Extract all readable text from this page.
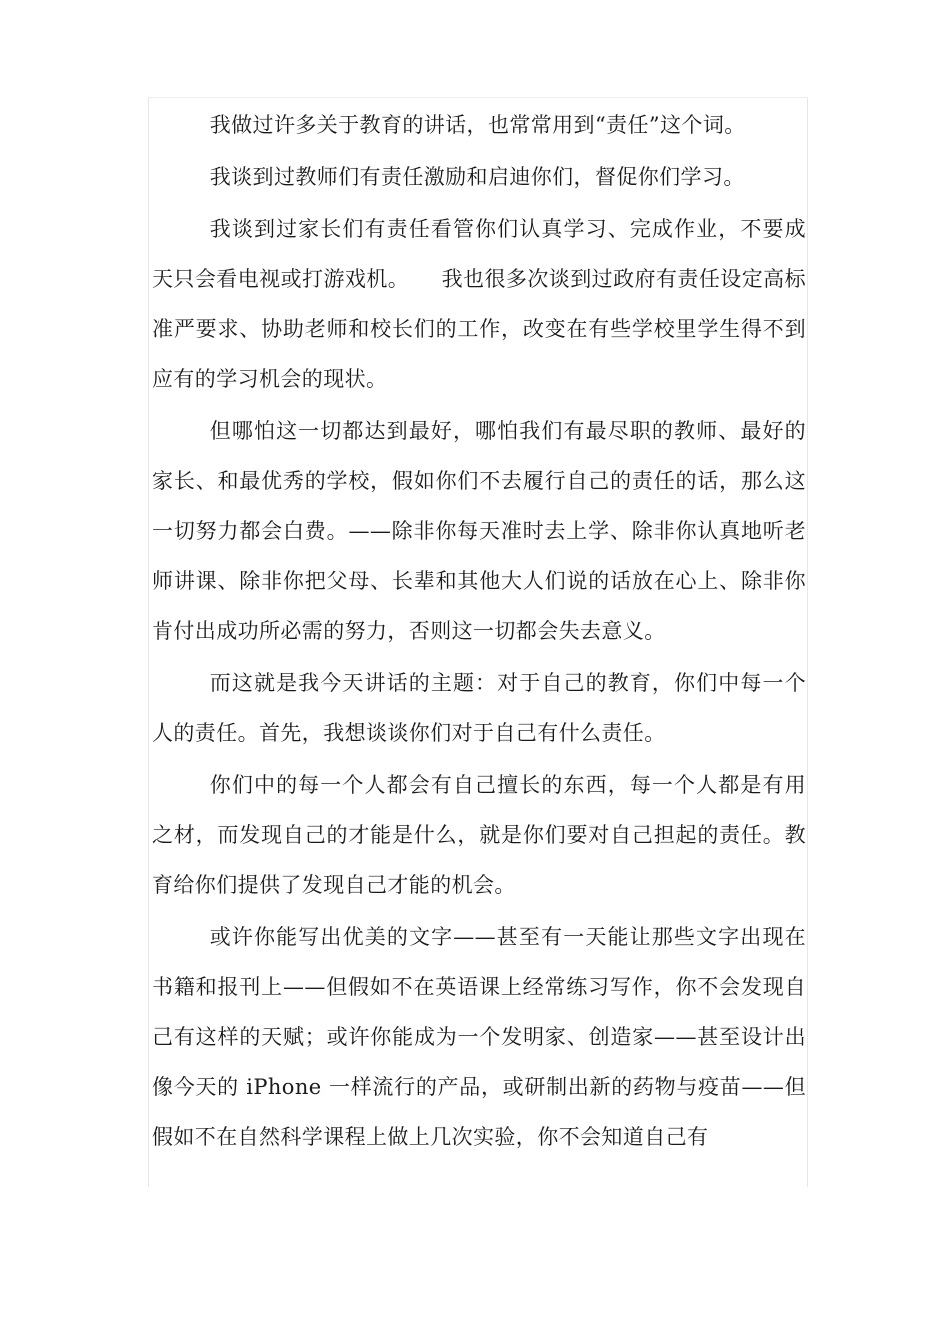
我做过许多关于教育的讲话，也常常用到“责任”这个词。

我谈到过教师们有责任激励和启迪你们，督促你们学习。

我谈到过家长们有责任看管你们认真学习、完成作业，不要成天只会看电视或打游戏机。　　我也很多次谈到过政府有责任设定高标准严要求、协助老师和校长们的工作，改变在有些学校里学生得不到应有的学习机会的现状。

但哪怕这一切都达到最好，哪怕我们有最尽职的教师、最好的家长、和最优秀的学校，假如你们不去履行自己的责任的话，那么这一切努力都会白费。——除非你每天准时去上学、除非你认真地听老师讲课、除非你把父母、长辈和其他大人们说的话放在心上、除非你肯付出成功所必需的努力，否则这一切都会失去意义。

而这就是我今天讲话的主题：对于自己的教育，你们中每一个人的责任。首先，我想谈谈你们对于自己有什么责任。

你们中的每一个人都会有自己擅长的东西，每一个人都是有用之材，而发现自己的才能是什么，就是你们要对自己担起的责任。教育给你们提供了发现自己才能的机会。

或许你能写出优美的文字——甚至有一天能让那些文字出现在书籍和报刊上——但假如不在英语课上经常练习写作，你不会发现自己有这样的天赋；或许你能成为一个发明家、创造家——甚至设计出像今天的 iPhone 一样流行的产品，或研制出新的药物与疫苗——但假如不在自然科学课程上做上几次实验，你不会知道自己有
